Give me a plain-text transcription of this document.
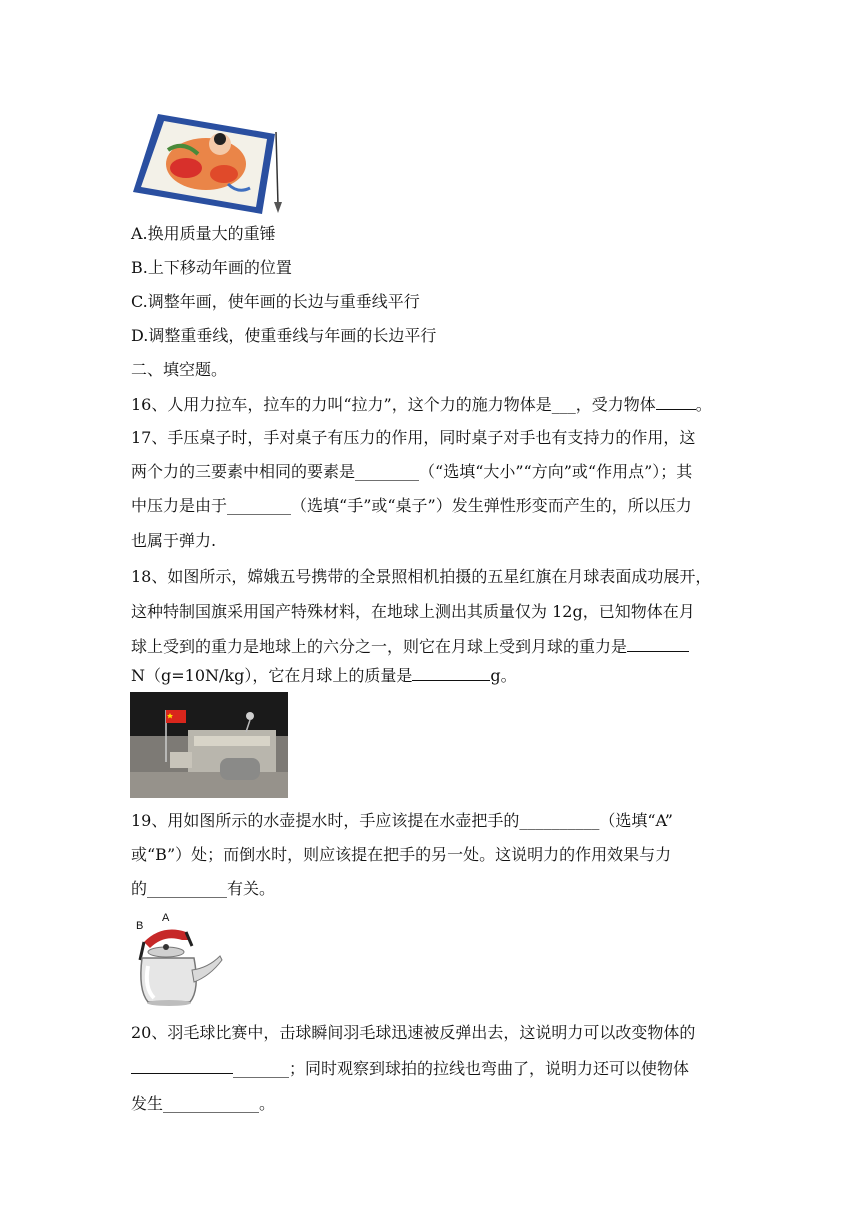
A.换用质量大的重锤
B.上下移动年画的位置
C.调整年画，使年画的长边与重垂线平行
D.调整重垂线，使重垂线与年画的长边平行
二、填空题。
16、人用力拉车，拉车的力叫“拉力”，这个力的施力物体是___，受力物体	。
17、手压桌子时，手对桌子有压力的作用，同时桌子对手也有支持力的作用，这
两个力的三要素中相同的要素是________（“选填“大小”“方向”或“作用点”）；其
中压力是由于________（选填“手”或“桌子”）发生弹性形变而产生的，所以压力
也属于弹力.
18、如图所示，嫦娥五号携带的全景照相机拍摄的五星红旗在月球表面成功展开，
这种特制国旗采用国产特殊材料，在地球上测出其质量仅为 12g，已知物体在月
球上受到的重力是地球上的六分之一，则它在月球上受到月球的重力是
N（g=10N/kg），它在月球上的质量是	g。
19、用如图所示的水壶提水时，手应该提在水壶把手的__________（选填“A”
或“B”）处；而倒水时，则应该提在把手的另一处。这说明力的作用效果与力
的__________有关。
B
A
20、羽毛球比赛中，击球瞬间羽毛球迅速被反弹出去，这说明力可以改变物体的
_______；同时观察到球拍的拉线也弯曲了，说明力还可以使物体
发生____________。
